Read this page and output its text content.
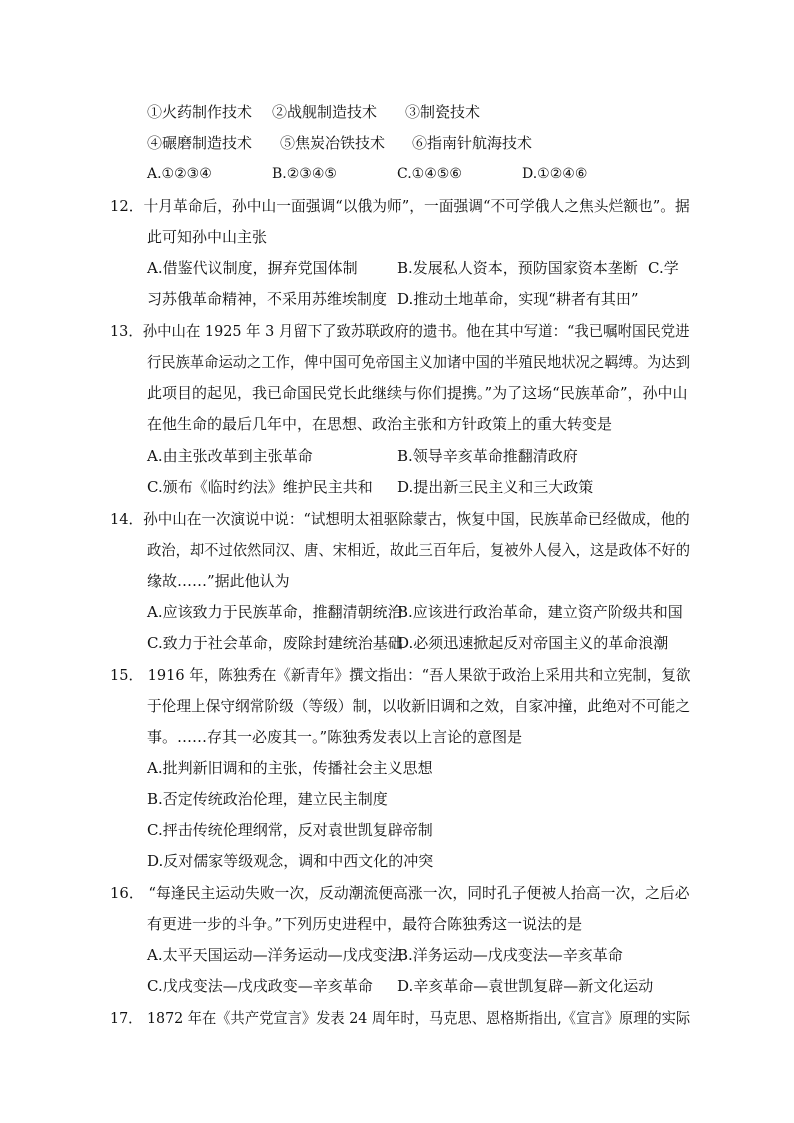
①火药制作技术 ②战舰制造技术 ③制瓷技术
④碾磨制造技术 ⑤焦炭冶铁技术 ⑥指南针航海技术
A.①②③④	B.②③④⑤	C.①④⑤⑥	D.①②④⑥
12．十月革命后，孙中山一面强调“以俄为师”，一面强调“不可学俄人之焦头烂额也”。据
此可知孙中山主张
A.借鉴代议制度，摒弃党国体制	B.发展私人资本，预防国家资本垄断 C.学
习苏俄革命精神，不采用苏维埃制度 D.推动土地革命，实现“耕者有其田”
13．孙中山在 1925 年 3 月留下了致苏联政府的遗书。他在其中写道：“我已嘱咐国民党进
行民族革命运动之工作，俾中国可免帝国主义加诸中国的半殖民地状况之羁缚。为达到
此项目的起见，我已命国民党长此继续与你们提携。”为了这场“民族革命”，孙中山
在他生命的最后几年中，在思想、政治主张和方针政策上的重大转变是
A.由主张改革到主张革命	B.领导辛亥革命推翻清政府
C.颁布《临时约法》维护民主共和 D.提出新三民主义和三大政策
14．孙中山在一次演说中说：“试想明太祖驱除蒙古，恢复中国，民族革命已经做成，他的
政治，却不过依然同汉、唐、宋相近，故此三百年后，复被外人侵入，这是政体不好的
缘故……”据此他认为
A.应该致力于民族革命，推翻清朝统治
B.应该进行政治革命，建立资产阶级共和国
C.致力于社会革命，废除封建统治基础
D.必须迅速掀起反对帝国主义的革命浪潮
15． 1916 年，陈独秀在《新青年》撰文指出：“吾人果欲于政治上采用共和立宪制，复欲
于伦理上保守纲常阶级（等级）制，以收新旧调和之效，自家冲撞，此绝对不可能之
事。……存其一必废其一。”陈独秀发表以上言论的意图是
A.批判新旧调和的主张，传播社会主义思想
B.否定传统政治伦理，建立民主制度
C.抨击传统伦理纲常，反对袁世凯复辟帝制
D.反对儒家等级观念，调和中西文化的冲突
16． “每逢民主运动失败一次，反动潮流便高涨一次，同时孔子便被人抬高一次，之后必
有更进一步的斗争。”下列历史进程中，最符合陈独秀这一说法的是
A.太平天国运动—洋务运动—戊戌变法
B.洋务运动—戊戌变法—辛亥革命
C.戊戌变法—戊戌政变—辛亥革命 D.辛亥革命—袁世凯复辟—新文化运动
17． 1872 年在《共产党宣言》发表 24 周年时，马克思、恩格斯指出,《宣言》原理的实际
